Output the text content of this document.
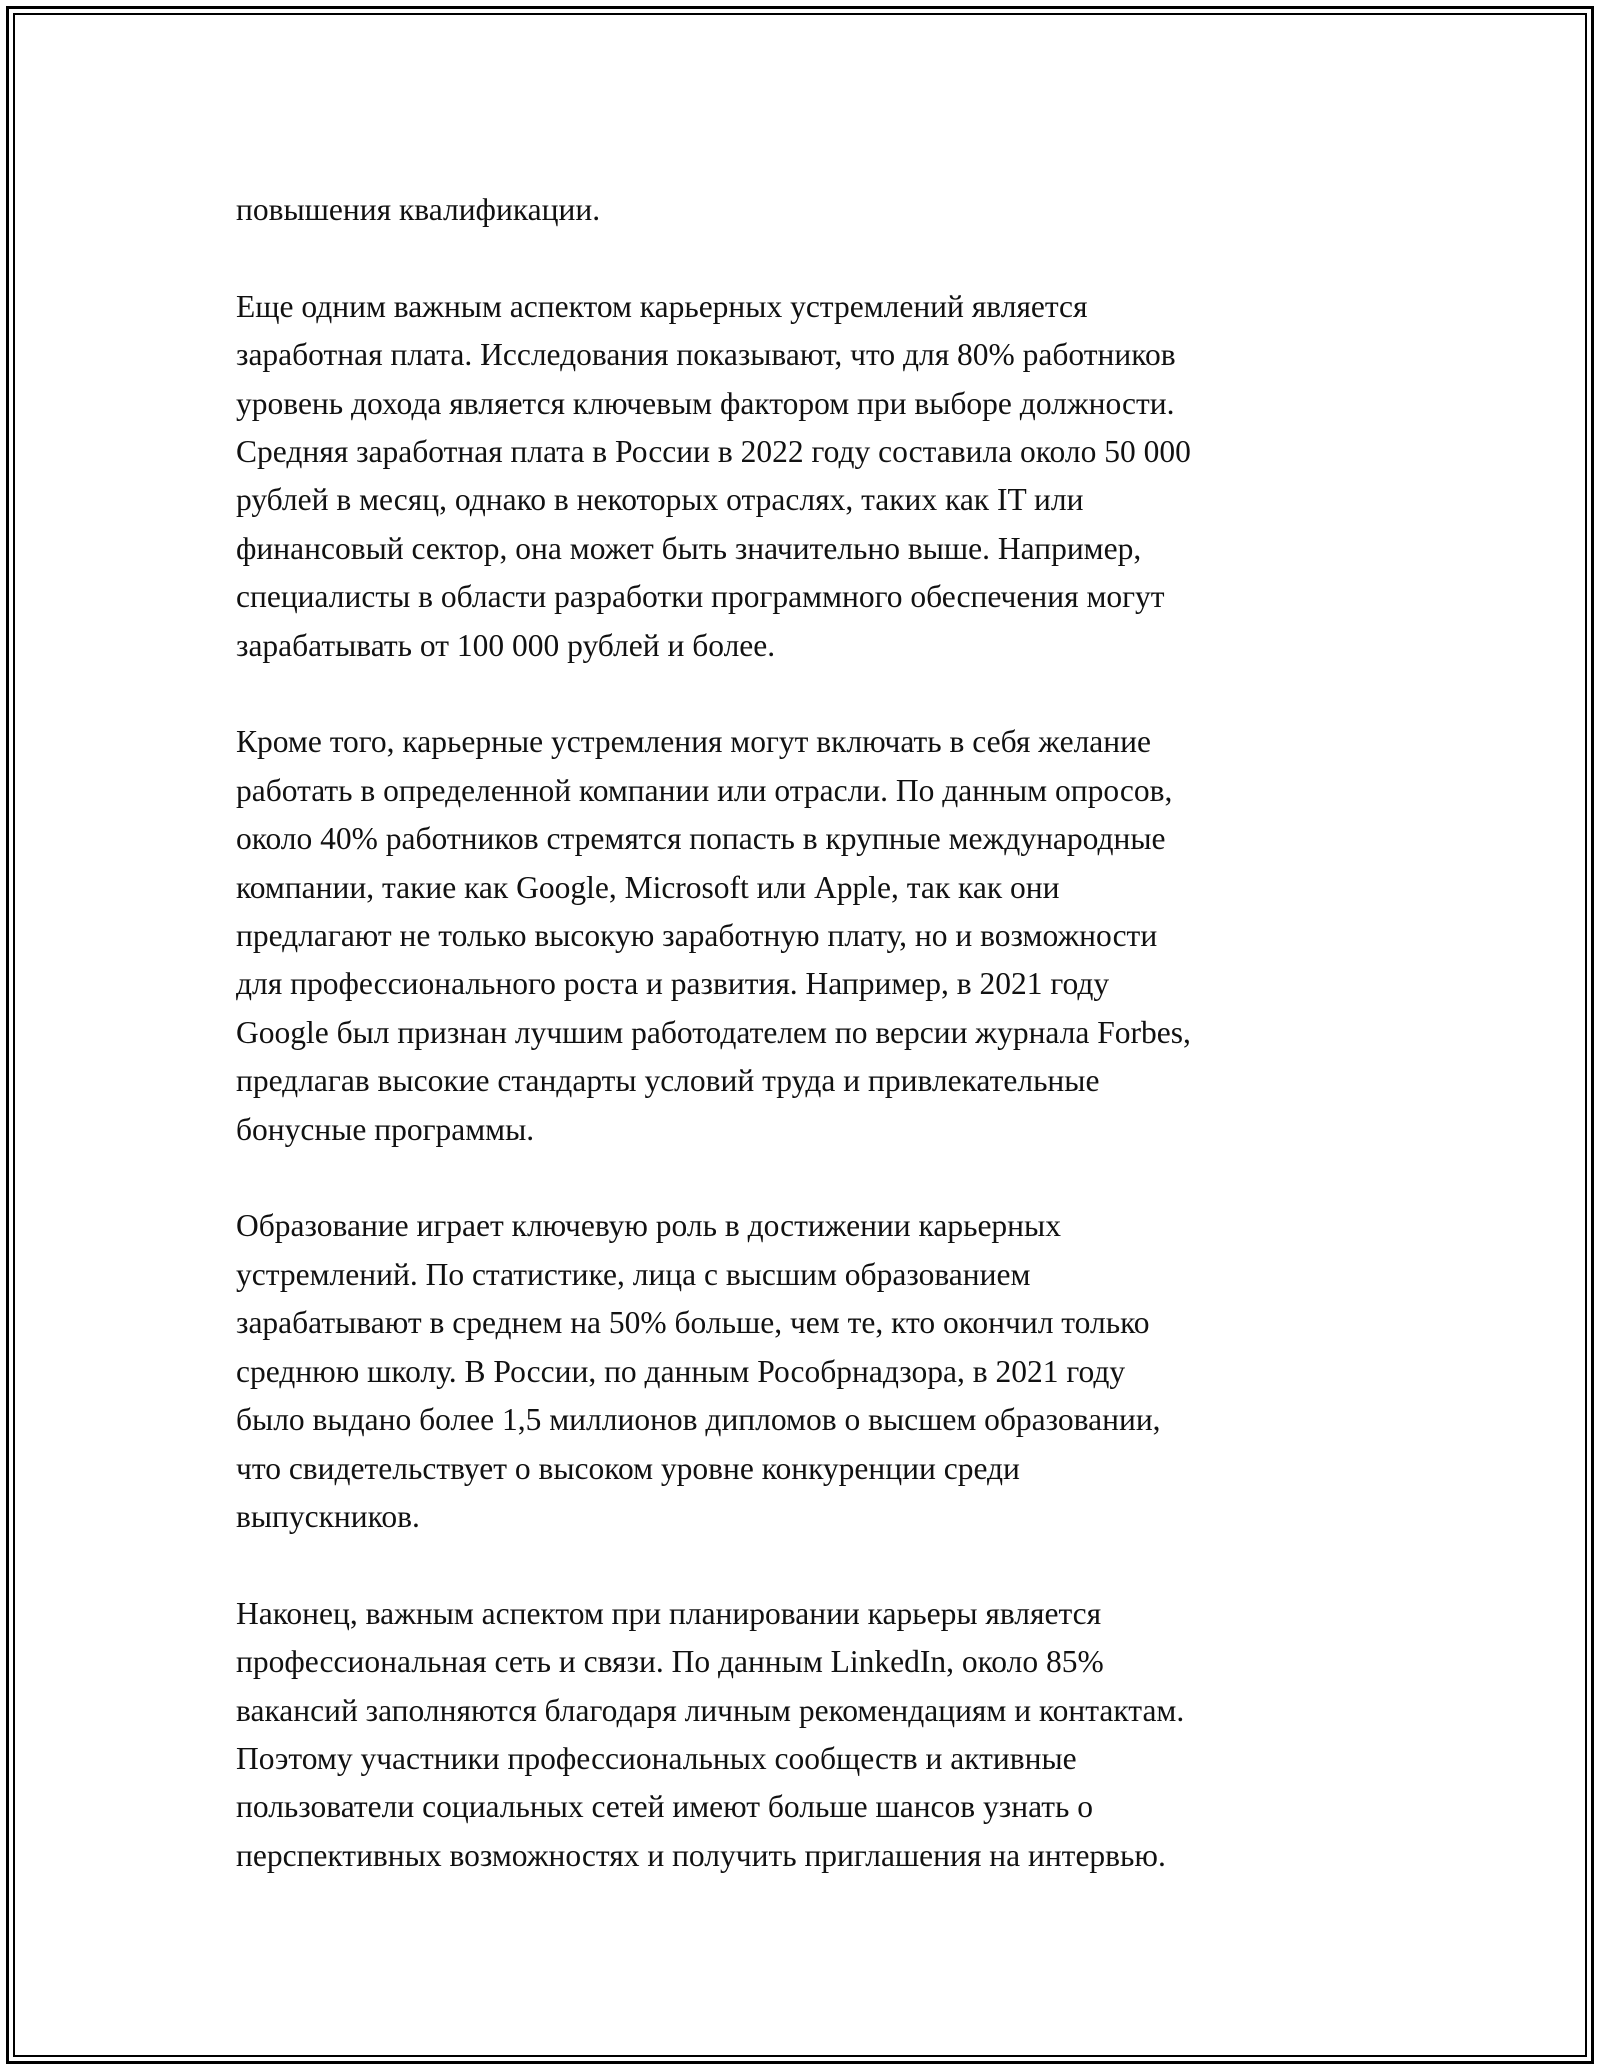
повышения квалификации.

Еще одним важным аспектом карьерных устремлений является
заработная плата. Исследования показывают, что для 80% работников
уровень дохода является ключевым фактором при выборе должности.
Средняя заработная плата в России в 2022 году составила около 50 000
рублей в месяц, однако в некоторых отраслях, таких как IT или
финансовый сектор, она может быть значительно выше. Например,
специалисты в области разработки программного обеспечения могут
зарабатывать от 100 000 рублей и более.

Кроме того, карьерные устремления могут включать в себя желание
работать в определенной компании или отрасли. По данным опросов,
около 40% работников стремятся попасть в крупные международные
компании, такие как Google, Microsoft или Apple, так как они
предлагают не только высокую заработную плату, но и возможности
для профессионального роста и развития. Например, в 2021 году
Google был признан лучшим работодателем по версии журнала Forbes,
предлагав высокие стандарты условий труда и привлекательные
бонусные программы.

Образование играет ключевую роль в достижении карьерных
устремлений. По статистике, лица с высшим образованием
зарабатывают в среднем на 50% больше, чем те, кто окончил только
среднюю школу. В России, по данным Рособрнадзора, в 2021 году
было выдано более 1,5 миллионов дипломов о высшем образовании,
что свидетельствует о высоком уровне конкуренции среди
выпускников.

Наконец, важным аспектом при планировании карьеры является
профессиональная сеть и связи. По данным LinkedIn, около 85%
вакансий заполняются благодаря личным рекомендациям и контактам.
Поэтому участники профессиональных сообществ и активные
пользователи социальных сетей имеют больше шансов узнать о
перспективных возможностях и получить приглашения на интервью.
